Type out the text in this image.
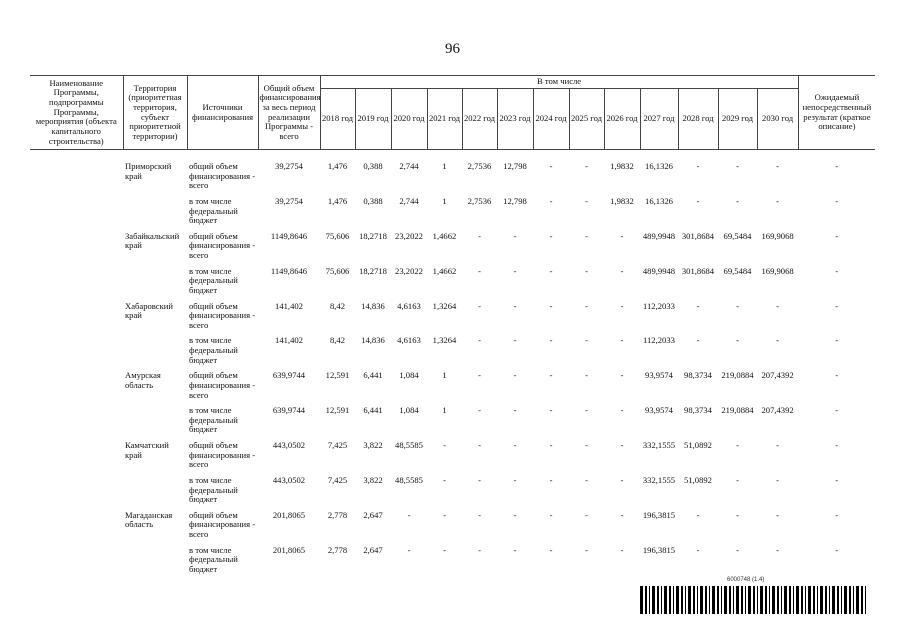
96
Наименование Программы, подпрограммы Программы, мероприятия (объекта капитального строительства)	Территория (приоритетная территория, субъект приоритетной территории)	Источники финансирования	Общий объем финансирования за весь период реализации Программы - всего	В том числе													Ожидаемый непосредственный результат (краткое описание)
				2018 год	2019 год	2020 год	2021 год	2022 год	2023 год	2024 год	2025 год	2026 год	2027 год	2028 год	2029 год	2030 год	

	Приморский край	общий объем финансирования - всего	39,2754	1,476	0,388	2,744	1	2,7536	12,798	-	-	1,9832	16,1326	-	-	-	-
		в том числе федеральный бюджет	39,2754	1,476	0,388	2,744	1	2,7536	12,798	-	-	1,9832	16,1326	-	-	-	-
	Забайкальский край	общий объем финансирования - всего	1149,8646	75,606	18,2718	23,2022	1,4662	-	-	-	-	-	489,9948	301,8684	69,5484	169,9068	-
		в том числе федеральный бюджет	1149,8646	75,606	18,2718	23,2022	1,4662	-	-	-	-	-	489,9948	301,8684	69,5484	169,9068	-
	Хабаровский край	общий объем финансирования - всего	141,402	8,42	14,836	4,6163	1,3264	-	-	-	-	-	112,2033	-	-	-	-
		в том числе федеральный бюджет	141,402	8,42	14,836	4,6163	1,3264	-	-	-	-	-	112,2033	-	-	-	-
	Амурская область	общий объем финансирования - всего	639,9744	12,591	6,441	1,084	1	-	-	-	-	-	93,9574	98,3734	219,0884	207,4392	-
		в том числе федеральный бюджет	639,9744	12,591	6,441	1,084	1	-	-	-	-	-	93,9574	98,3734	219,0884	207,4392	-
	Камчатский край	общий объем финансирования - всего	443,0502	7,425	3,822	48,5585	-	-	-	-	-	-	332,1555	51,0892	-	-	-
		в том числе федеральный бюджет	443,0502	7,425	3,822	48,5585	-	-	-	-	-	-	332,1555	51,0892	-	-	-
	Магаданская область	общий объем финансирования - всего	201,8065	2,778	2,647	-	-	-	-	-	-	-	196,3815	-	-	-	-
		в том числе федеральный бюджет	201,8065	2,778	2,647	-	-	-	-	-	-	-	196,3815	-	-	-	-
6000748 (1.4)
